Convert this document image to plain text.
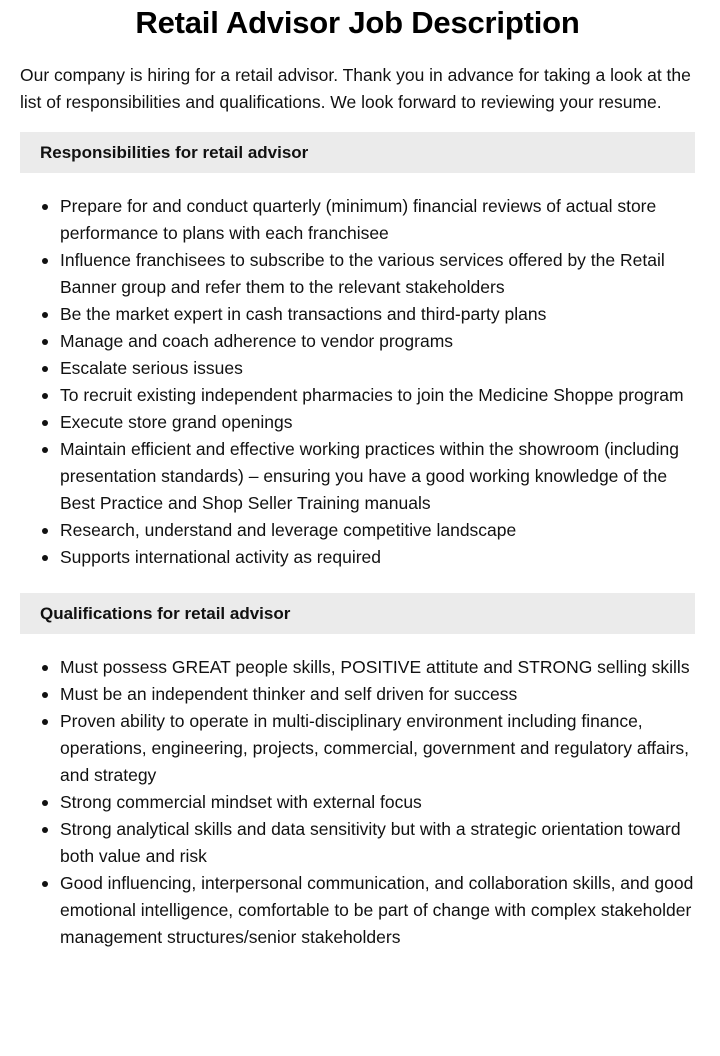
Retail Advisor Job Description

Our company is hiring for a retail advisor. Thank you in advance for taking a look at the list of responsibilities and qualifications. We look forward to reviewing your resume.

Responsibilities for retail advisor
Prepare for and conduct quarterly (minimum) financial reviews of actual store performance to plans with each franchisee
Influence franchisees to subscribe to the various services offered by the Retail Banner group and refer them to the relevant stakeholders
Be the market expert in cash transactions and third-party plans
Manage and coach adherence to vendor programs
Escalate serious issues
To recruit existing independent pharmacies to join the Medicine Shoppe program
Execute store grand openings
Maintain efficient and effective working practices within the showroom (including presentation standards) – ensuring you have a good working knowledge of the Best Practice and Shop Seller Training manuals
Research, understand and leverage competitive landscape
Supports international activity as required
Qualifications for retail advisor
Must possess GREAT people skills, POSITIVE attitute and STRONG selling skills
Must be an independent thinker and self driven for success
Proven ability to operate in multi-disciplinary environment including finance, operations, engineering, projects, commercial, government and regulatory affairs, and strategy
Strong commercial mindset with external focus
Strong analytical skills and data sensitivity but with a strategic orientation toward both value and risk
Good influencing, interpersonal communication, and collaboration skills, and good emotional intelligence, comfortable to be part of change with complex stakeholder management structures/senior stakeholders
